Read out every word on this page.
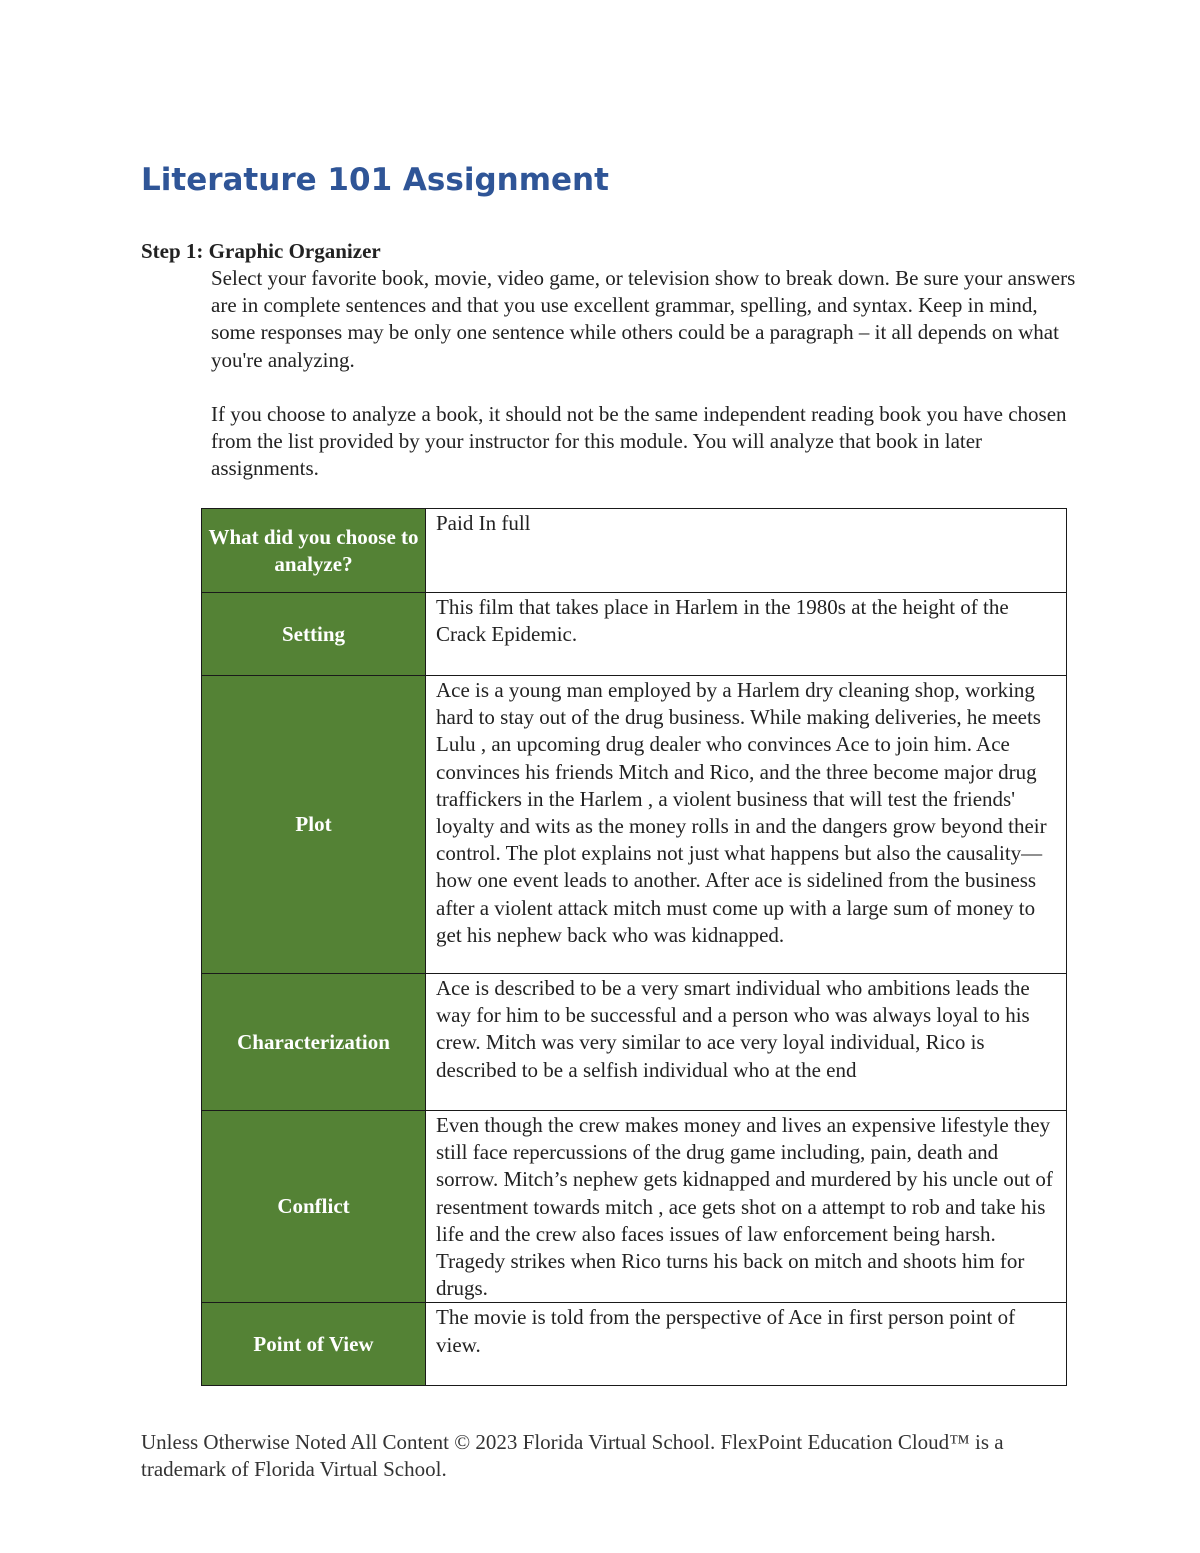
Literature 101 Assignment
Step 1: Graphic Organizer

Select your favorite book, movie, video game, or television show to break down. Be sure your answers are in complete sentences and that you use excellent grammar, spelling, and syntax. Keep in mind, some responses may be only one sentence while others could be a paragraph – it all depends on what you're analyzing.

If you choose to analyze a book, it should not be the same independent reading book you have chosen from the list provided by your instructor for this module. You will analyze that book in later assignments.

What did you choose to analyze?	Paid In full
Setting	This film that takes place in Harlem in the 1980s at the height of the Crack Epidemic.
Plot	Ace is a young man employed by a Harlem dry cleaning shop, working hard to stay out of the drug business. While making deliveries, he meets Lulu , an upcoming drug dealer who convinces Ace to join him. Ace convinces his friends Mitch and Rico, and the three become major drug traffickers in the Harlem , a violent business that will test the friends' loyalty and wits as the money rolls in and the dangers grow beyond their control. The plot explains not just what happens but also the causality—how one event leads to another. After ace is sidelined from the business after a violent attack mitch must come up with a large sum of money to get his nephew back who was kidnapped.
Characterization	Ace is described to be a very smart individual who ambitions leads the way for him to be successful and a person who was always loyal to his crew. Mitch was very similar to ace very loyal individual, Rico is described to be a selfish individual who at the end
Conflict	Even though the crew makes money and lives an expensive lifestyle they still face repercussions of the drug game including, pain, death and sorrow. Mitch’s nephew gets kidnapped and murdered by his uncle out of resentment towards mitch , ace gets shot on a attempt to rob and take his life and the crew also faces issues of law enforcement being harsh. Tragedy strikes when Rico turns his back on mitch and shoots him for drugs.
Point of View	The movie is told from the perspective of Ace in first person point of view.
Unless Otherwise Noted All Content © 2023 Florida Virtual School. FlexPoint Education Cloud™ is a trademark of Florida Virtual School.
